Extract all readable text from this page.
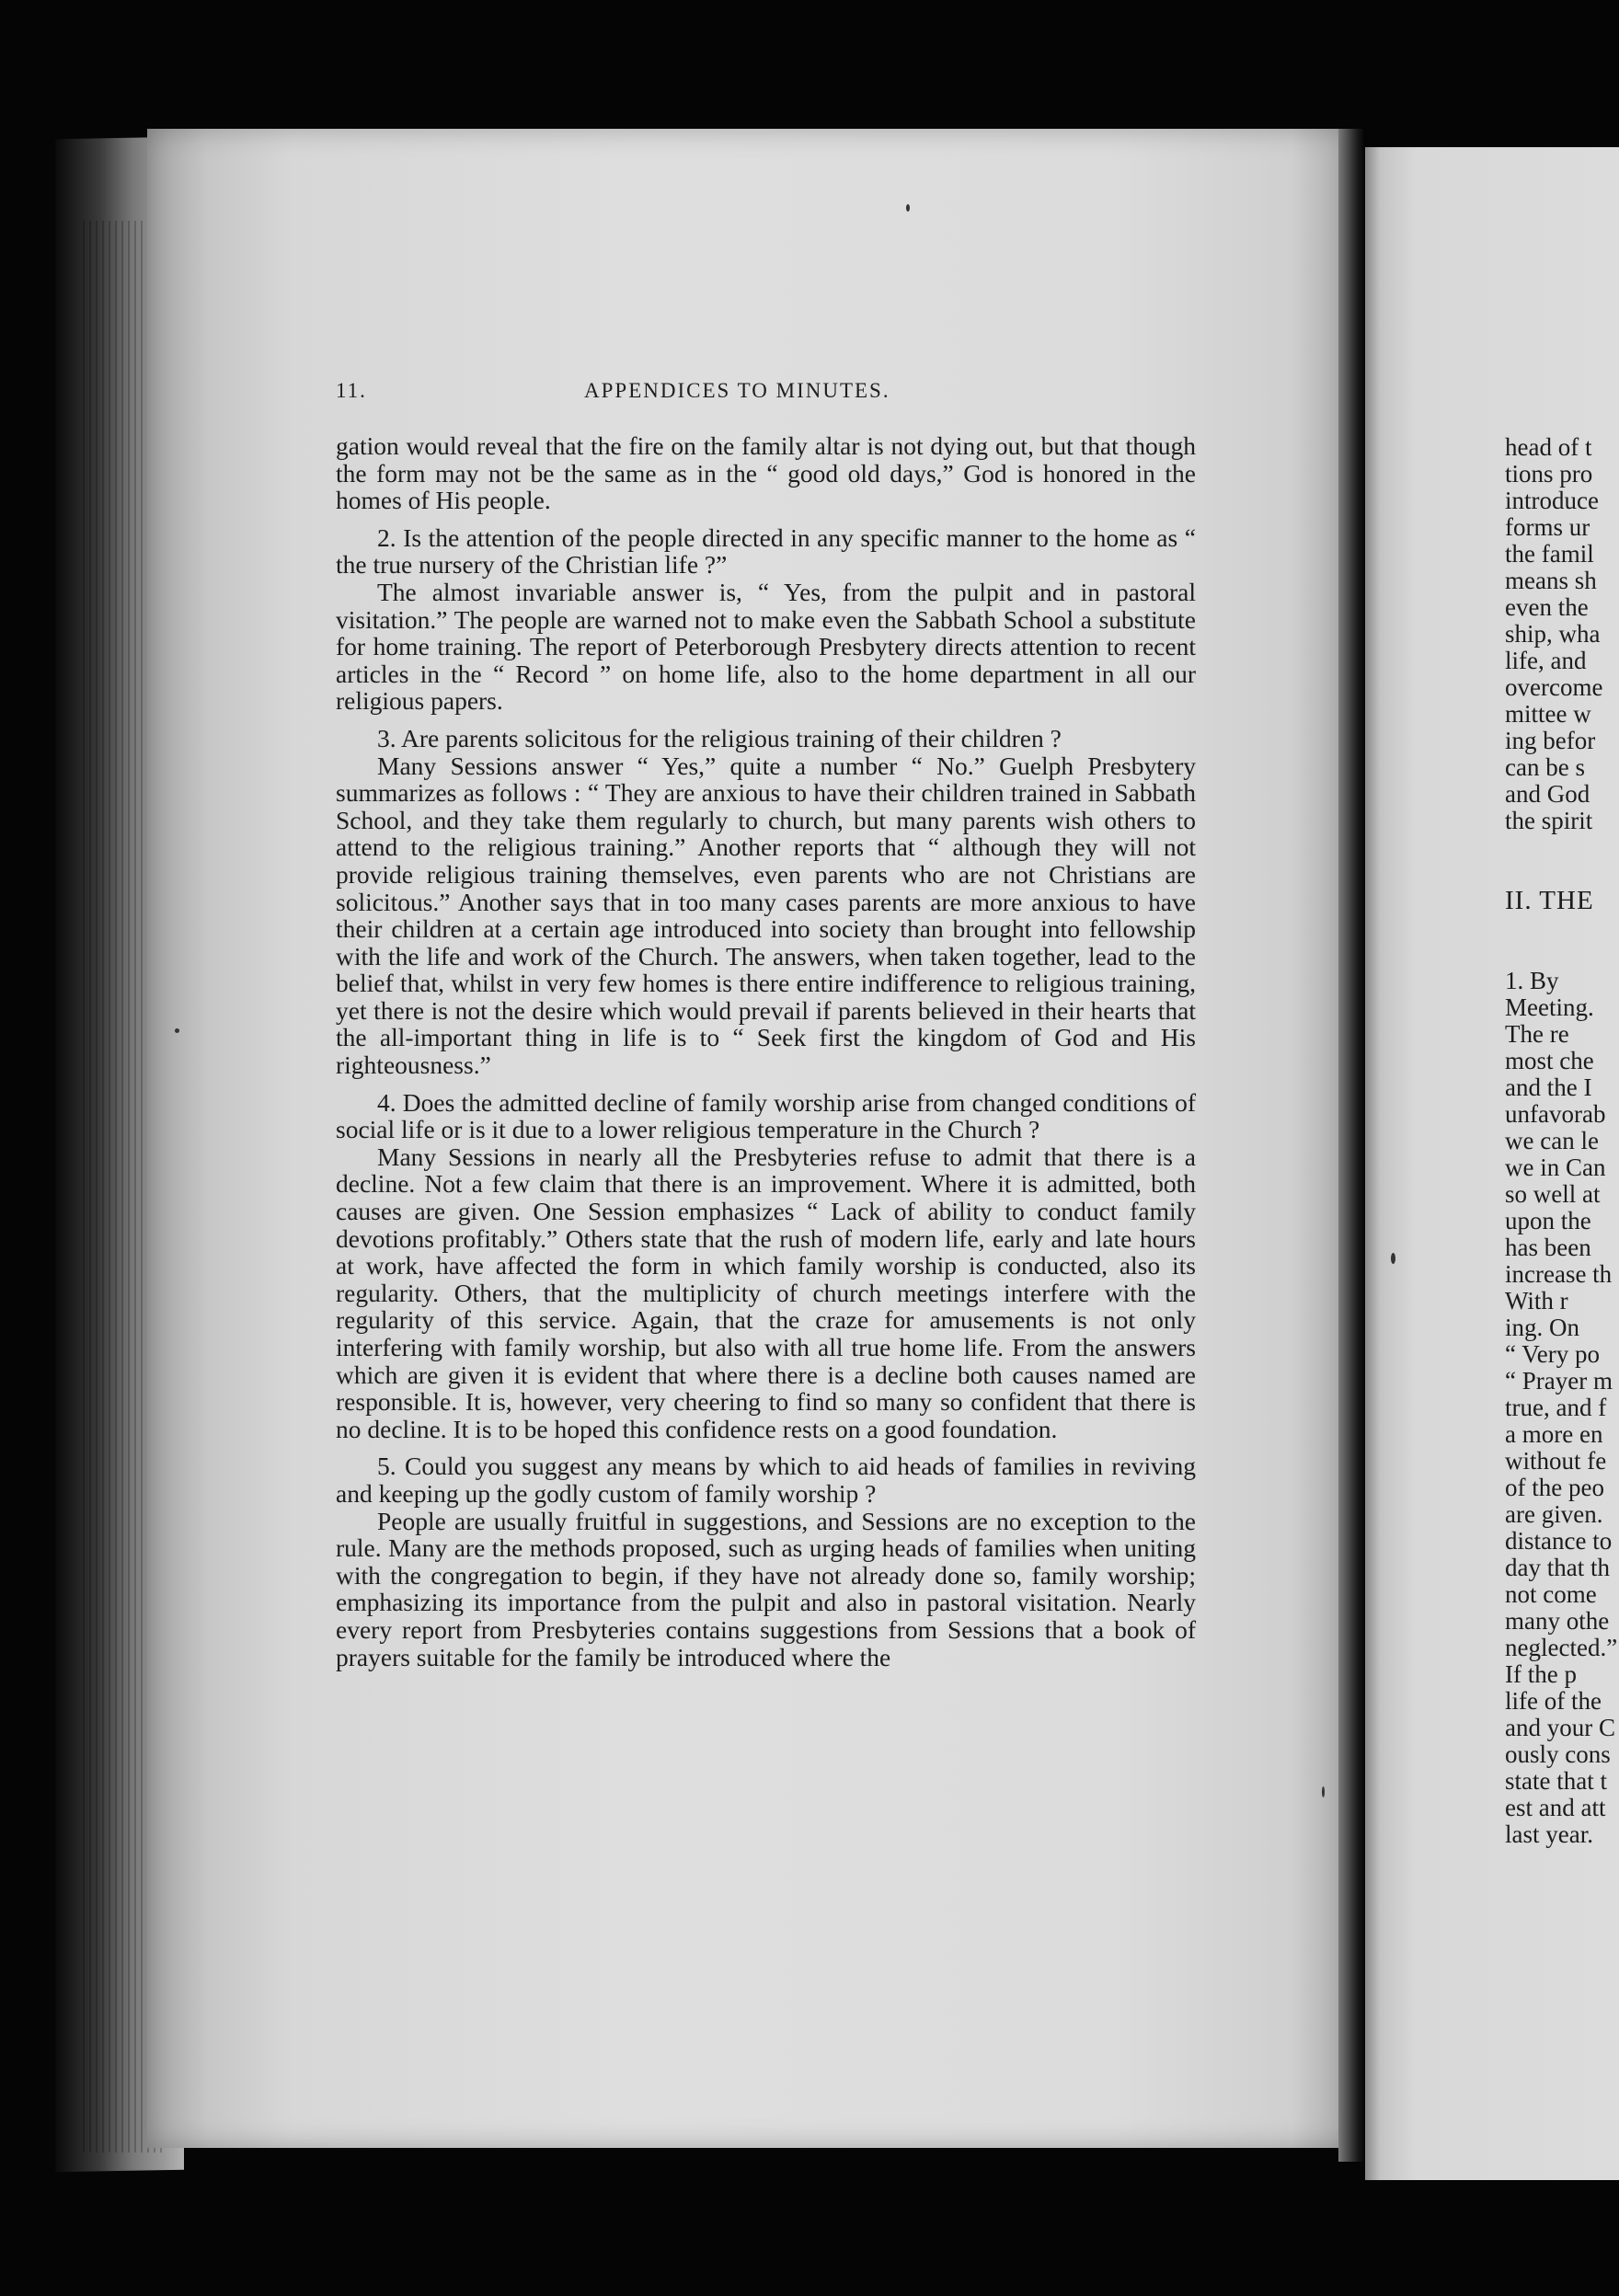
11.	APPENDICES TO MINUTES.

gation would reveal that the fire on the family altar is not dying out, but that though the form may not be the same as in the “ good old days,” God is honored in the homes of His people.

2. Is the attention of the people directed in any specific manner to the home as “ the true nursery of the Christian life ?”

The almost invariable answer is, “ Yes, from the pulpit and in pastoral visitation.” The people are warned not to make even the Sabbath School a substitute for home training. The report of Peterborough Presbytery directs attention to recent articles in the “ Record ” on home life, also to the home department in all our religious papers.

3. Are parents solicitous for the religious training of their children ?

Many Sessions answer “ Yes,” quite a number “ No.” Guelph Presbytery summarizes as follows : “ They are anxious to have their children trained in Sabbath School, and they take them regularly to church, but many parents wish others to attend to the religious training.” Another reports that “ although they will not provide religious training themselves, even parents who are not Christians are solicitous.” Another says that in too many cases parents are more anxious to have their children at a certain age introduced into society than brought into fellowship with the life and work of the Church. The answers, when taken together, lead to the belief that, whilst in very few homes is there entire indifference to religious training, yet there is not the desire which would prevail if parents believed in their hearts that the all-important thing in life is to “ Seek first the kingdom of God and His righteousness.”

4. Does the admitted decline of family worship arise from changed conditions of social life or is it due to a lower religious temperature in the Church ?

Many Sessions in nearly all the Presbyteries refuse to admit that there is a decline. Not a few claim that there is an improvement. Where it is admitted, both causes are given. One Session emphasizes “ Lack of ability to conduct family devotions profitably.” Others state that the rush of modern life, early and late hours at work, have affected the form in which family worship is conducted, also its regularity. Others, that the multiplicity of church meetings interfere with the regularity of this service. Again, that the craze for amusements is not only interfering with family worship, but also with all true home life. From the answers which are given it is evident that where there is a decline both causes named are responsible. It is, however, very cheering to find so many so confident that there is no decline. It is to be hoped this confidence rests on a good foundation.

5. Could you suggest any means by which to aid heads of families in reviving and keeping up the godly custom of family worship ?

People are usually fruitful in suggestions, and Sessions are no exception to the rule. Many are the methods proposed, such as urging heads of families when uniting with the congregation to begin, if they have not already done so, family worship; emphasizing its importance from the pulpit and also in pastoral visitation. Nearly every report from Presbyteries contains suggestions from Sessions that a book of prayers suitable for the family be introduced where the

head of t
tions pro
introduce
forms ur
the famil
means sh
even the
ship, wha
life, and
overcome
mittee w
ing befor
can be s
and God
the spirit
II. THE
1. By
Meeting.
The re
most che
and the I
unfavorab
we can le
we in Can
so well at
upon the
has been
increase th
With r
ing. On
“ Very po
“ Prayer m
true, and f
a more en
without fe
of the peo
are given.
distance to
day that th
not come
many othe
neglected.”
If the p
life of the
and your C
ously cons
state that t
est and att
last year.
